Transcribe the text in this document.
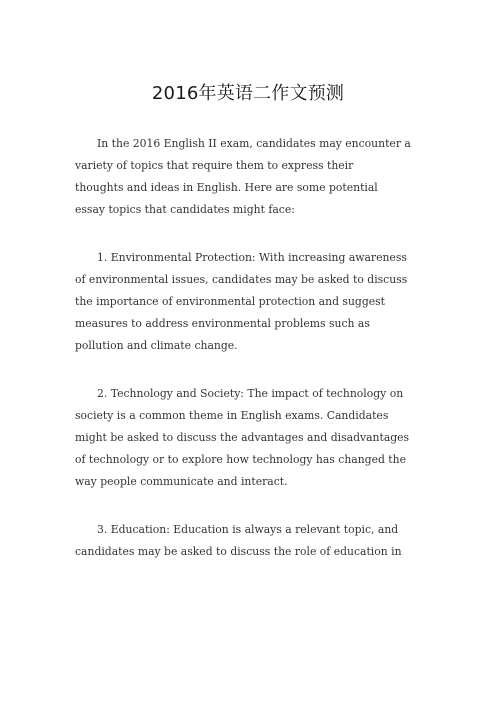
2016年英语二作文预测

In the 2016 English II exam, candidates may encounter a
variety of topics that require them to express their
thoughts and ideas in English. Here are some potential
essay topics that candidates might face:

1. Environmental Protection: With increasing awareness
of environmental issues, candidates may be asked to discuss
the importance of environmental protection and suggest
measures to address environmental problems such as
pollution and climate change.

2. Technology and Society: The impact of technology on
society is a common theme in English exams. Candidates
might be asked to discuss the advantages and disadvantages
of technology or to explore how technology has changed the
way people communicate and interact.

3. Education: Education is always a relevant topic, and
candidates may be asked to discuss the role of education in
